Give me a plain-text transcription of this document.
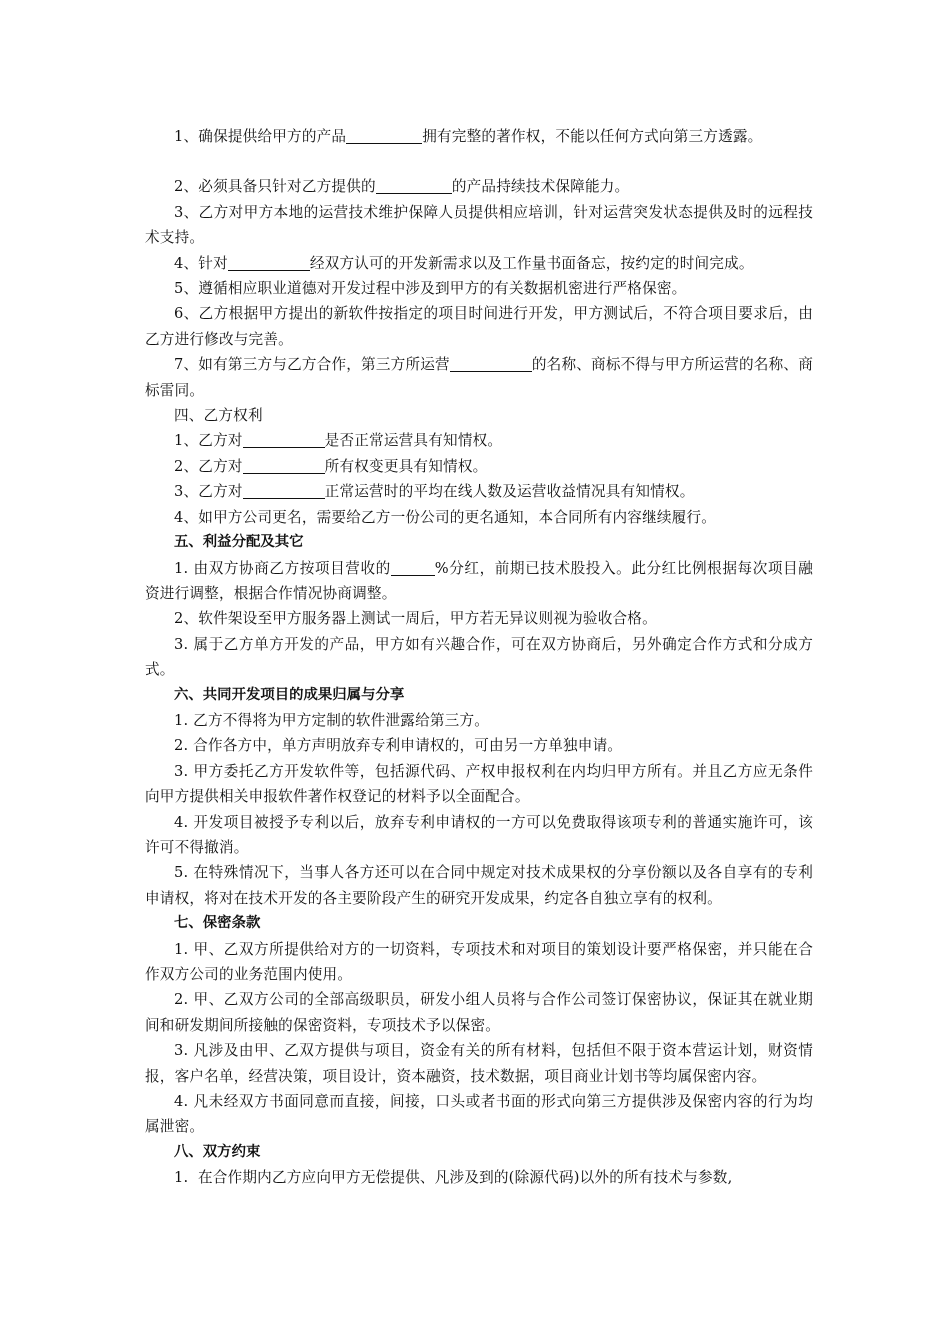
1、确保提供给甲方的产品	拥有完整的著作权，不能以任何方式向第三方透露。

2、必须具备只针对乙方提供的	的产品持续技术保障能力。

3、乙方对甲方本地的运营技术维护保障人员提供相应培训，针对运营突发状态提供及时的远程技术支持。

4、针对	经双方认可的开发新需求以及工作量书面备忘，按约定的时间完成。

5、遵循相应职业道德对开发过程中涉及到甲方的有关数据机密进行严格保密。

6、乙方根据甲方提出的新软件按指定的项目时间进行开发，甲方测试后，不符合项目要求后，由乙方进行修改与完善。

7、如有第三方与乙方合作，第三方所运营	的名称、商标不得与甲方所运营的名称、商标雷同。

四、乙方权利

1、乙方对	是否正常运营具有知情权。

2、乙方对	所有权变更具有知情权。

3、乙方对	正常运营时的平均在线人数及运营收益情况具有知情权。

4、如甲方公司更名，需要给乙方一份公司的更名通知，本合同所有内容继续履行。

五、利益分配及其它

1. 由双方协商乙方按项目营收的	%分红，前期已技术股投入。此分红比例根据每次项目融资进行调整，根据合作情况协商调整。

2、软件架设至甲方服务器上测试一周后，甲方若无异议则视为验收合格。

3. 属于乙方单方开发的产品，甲方如有兴趣合作，可在双方协商后，另外确定合作方式和分成方式。

六、共同开发项目的成果归属与分享

1. 乙方不得将为甲方定制的软件泄露给第三方。

2. 合作各方中，单方声明放弃专利申请权的，可由另一方单独申请。

3. 甲方委托乙方开发软件等，包括源代码、产权申报权利在内均归甲方所有。并且乙方应无条件向甲方提供相关申报软件著作权登记的材料予以全面配合。

4. 开发项目被授予专利以后，放弃专利申请权的一方可以免费取得该项专利的普通实施许可，该许可不得撤消。

5. 在特殊情况下，当事人各方还可以在合同中规定对技术成果权的分享份额以及各自享有的专利申请权，将对在技术开发的各主要阶段产生的研究开发成果，约定各自独立享有的权利。

七、保密条款

1. 甲、乙双方所提供给对方的一切资料，专项技术和对项目的策划设计要严格保密，并只能在合作双方公司的业务范围内使用。

2. 甲、乙双方公司的全部高级职员，研发小组人员将与合作公司签订保密协议，保证其在就业期间和研发期间所接触的保密资料，专项技术予以保密。

3. 凡涉及由甲、乙双方提供与项目，资金有关的所有材料，包括但不限于资本营运计划，财资情报，客户名单，经营决策，项目设计，资本融资，技术数据，项目商业计划书等均属保密内容。

4. 凡未经双方书面同意而直接，间接，口头或者书面的形式向第三方提供涉及保密内容的行为均属泄密。

八、双方约束

1.  在合作期内乙方应向甲方无偿提供、凡涉及到的(除源代码)以外的所有技术与参数,
